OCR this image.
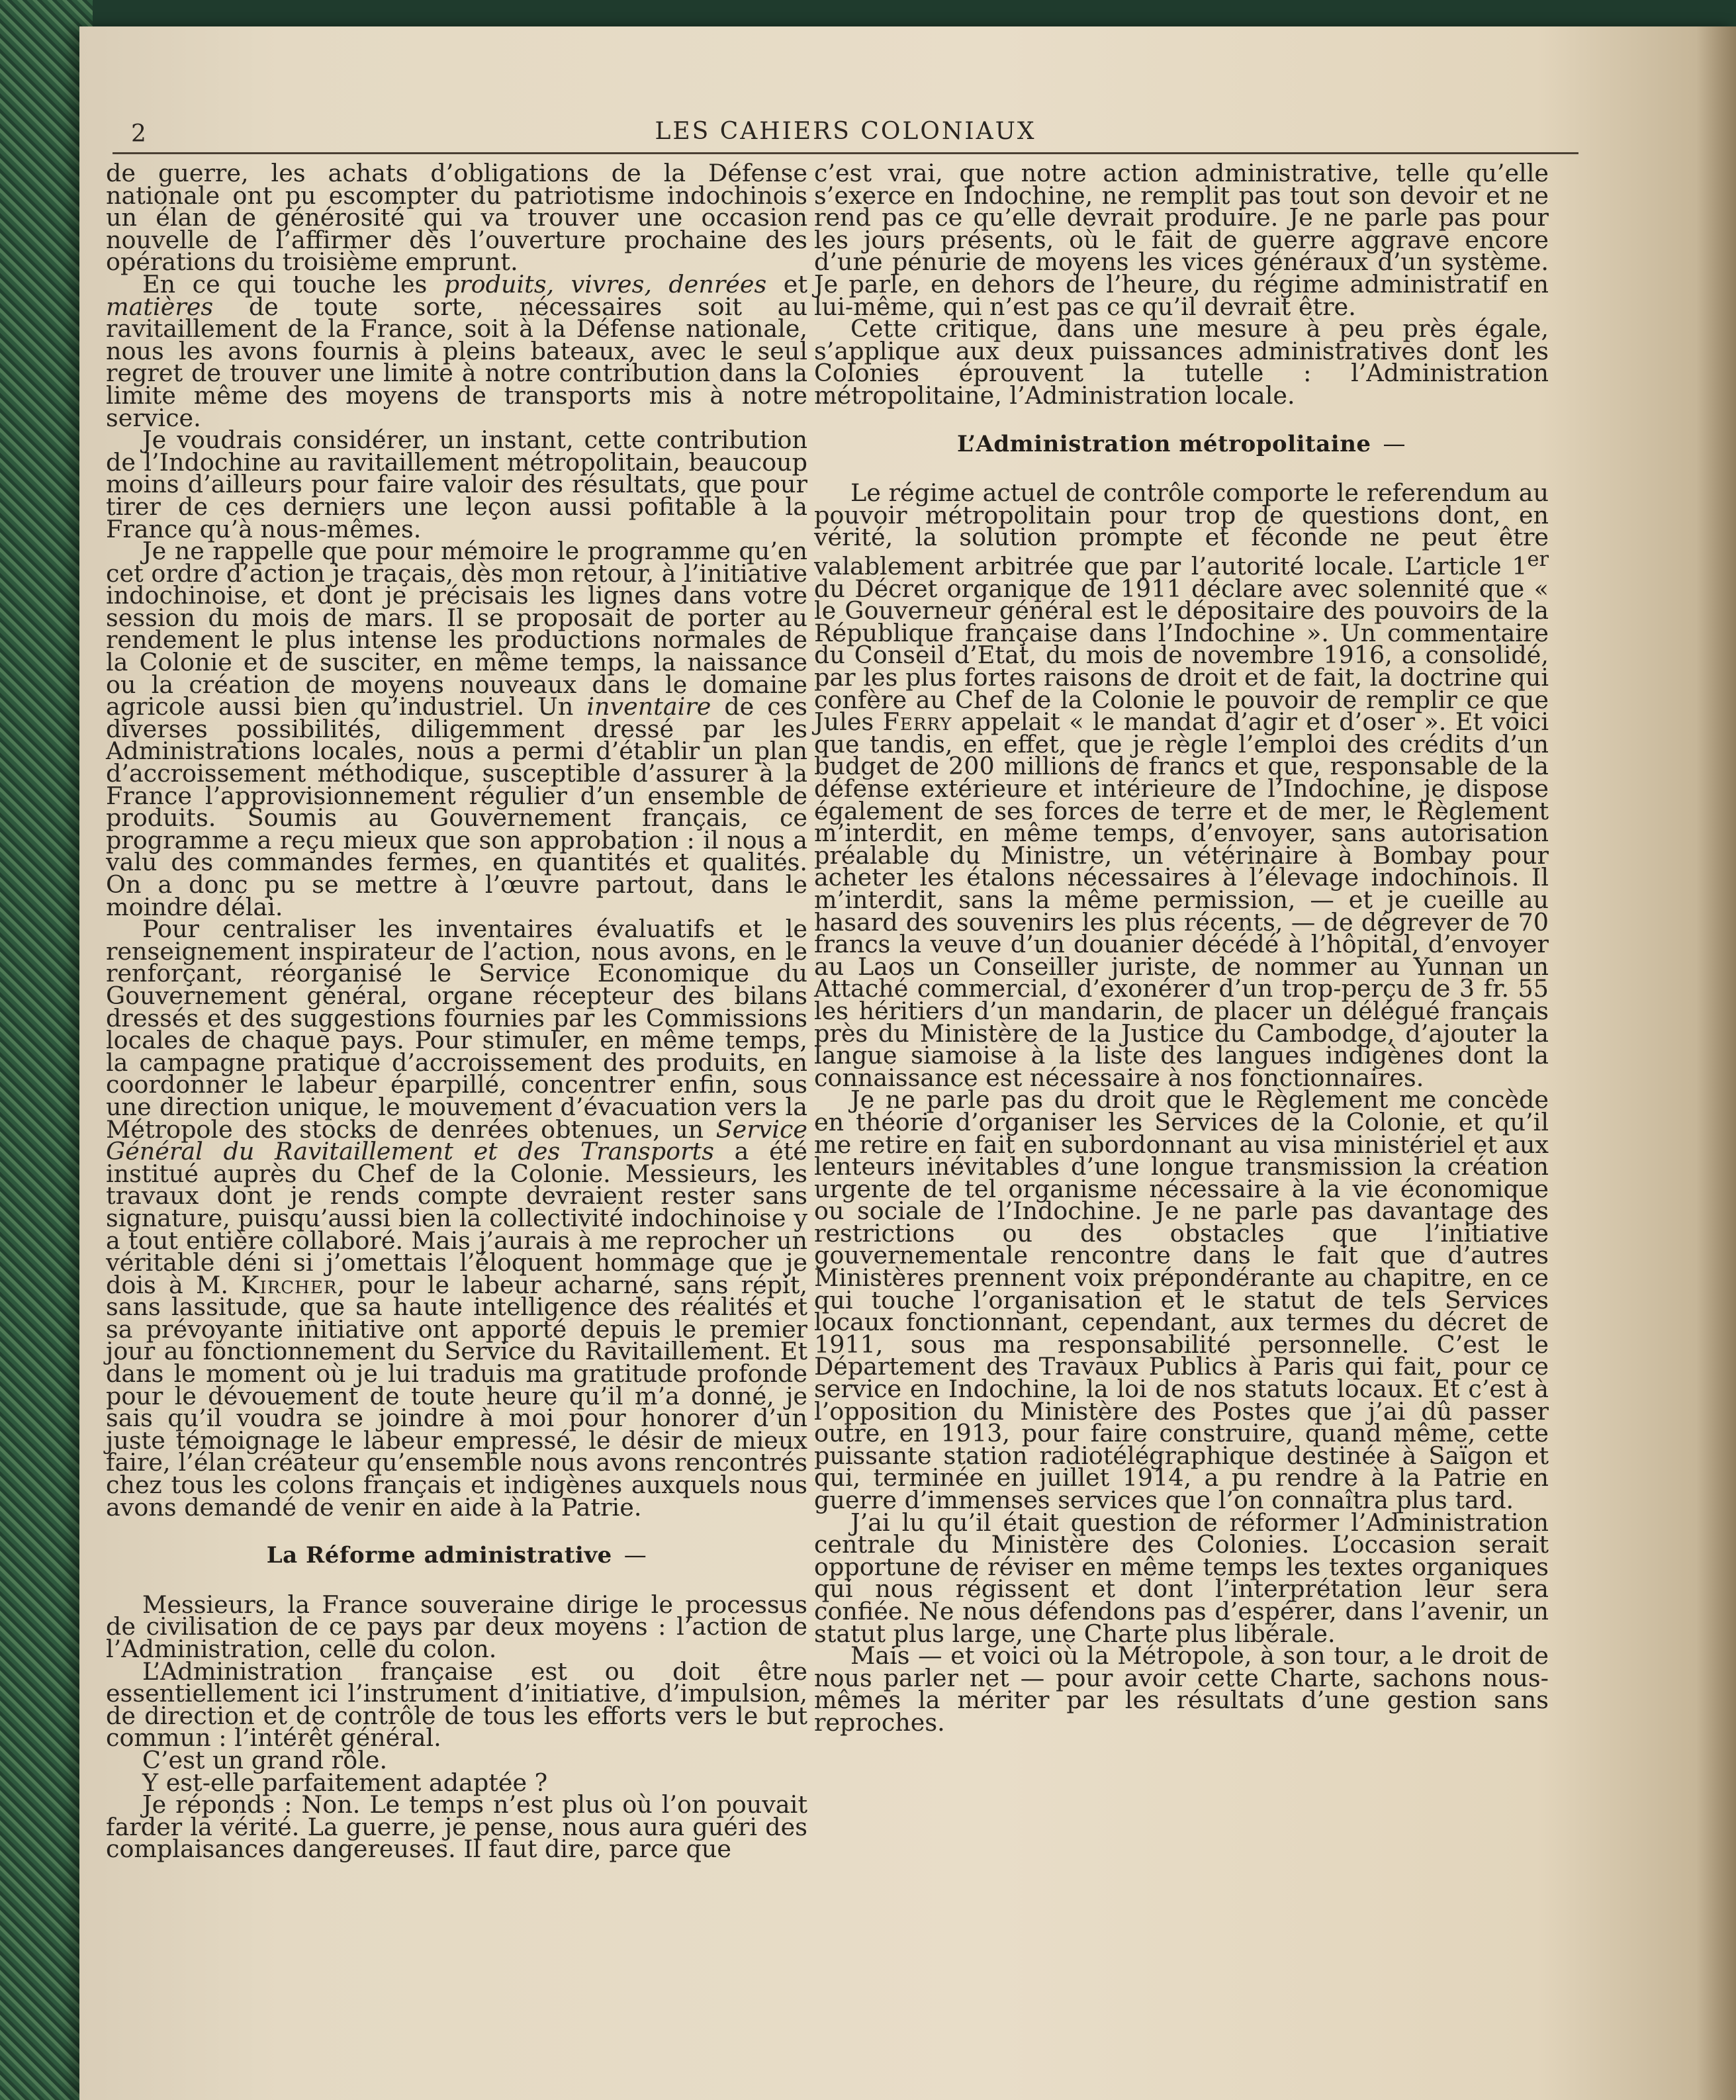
2	LES CAHIERS COLONIAUX

de guerre, les achats d’obligations de la Défense nationale ont pu escompter du patriotisme indochinois un élan de générosité qui va trouver une occasion nouvelle de l’affirmer dès l’ouverture prochaine des opérations du troisième emprunt.

En ce qui touche les produits, vivres, denrées et matières de toute sorte, nécessaires soit au ravitaillement de la France, soit à la Défense nationale, nous les avons fournis à pleins bateaux, avec le seul regret de trouver une limite à notre contribution dans la limite même des moyens de transports mis à notre service.

Je voudrais considérer, un instant, cette contribution de l’Indochine au ravitaillement métropolitain, beaucoup moins d’ailleurs pour faire valoir des résultats, que pour tirer de ces derniers une leçon aussi pofitable à la France qu’à nous-mêmes.

Je ne rappelle que pour mémoire le programme qu’en cet ordre d’action je traçais, dès mon retour, à l’initiative indochinoise, et dont je précisais les lignes dans votre session du mois de mars. Il se proposait de porter au rendement le plus intense les productions normales de la Colonie et de susciter, en même temps, la naissance ou la création de moyens nouveaux dans le domaine agricole aussi bien qu’industriel. Un inventaire de ces diverses possibilités, diligemment dressé par les Administrations locales, nous a permi d’établir un plan d’accroissement méthodique, susceptible d’assurer à la France l’approvisionnement régulier d’un ensemble de produits. Soumis au Gouvernement français, ce programme a reçu mieux que son approbation : il nous a valu des commandes fermes, en quantités et qualités. On a donc pu se mettre à l’œuvre partout, dans le moindre délai.

Pour centraliser les inventaires évaluatifs et le renseignement inspirateur de l’action, nous avons, en le renforçant, réorganisé le Service Economique du Gouvernement général, organe récepteur des bilans dressés et des suggestions fournies par les Commissions locales de chaque pays. Pour stimuler, en même temps, la campagne pratique d’accroissement des produits, en coordonner le labeur éparpillé, concentrer enfin, sous une direction unique, le mouvement d’évacuation vers la Métropole des stocks de denrées obtenues, un Service Général du Ravitaillement et des Transports a été institué auprès du Chef de la Colonie. Messieurs, les travaux dont je rends compte devraient rester sans signature, puisqu’aussi bien la collectivité indochinoise y a tout entière collaboré. Mais j’aurais à me reprocher un véritable déni si j’omettais l’éloquent hommage que je dois à M. Kircher, pour le labeur acharné, sans répit, sans lassitude, que sa haute intelligence des réalités et sa prévoyante initiative ont apporté depuis le premier jour au fonctionnement du Service du Ravitaillement. Et dans le moment où je lui traduis ma gratitude profonde pour le dévouement de toute heure qu’il m’a donné, je sais qu’il voudra se joindre à moi pour honorer d’un juste témoignage le labeur empressé, le désir de mieux faire, l’élan créateur qu’ensemble nous avons rencontrés chez tous les colons français et indigènes auxquels nous avons demandé de venir en aide à la Patrie.

La Réforme administrative —

Messieurs, la France souveraine dirige le processus de civilisation de ce pays par deux moyens : l’action de l’Administration, celle du colon.

L’Administration française est ou doit être essentiellement ici l’instrument d’initiative, d’impulsion, de direction et de contrôle de tous les efforts vers le but commun : l’intérêt général.

C’est un grand rôle.

Y est-elle parfaitement adaptée ?

Je réponds : Non. Le temps n’est plus où l’on pouvait farder la vérité. La guerre, je pense, nous aura guéri des complaisances dangereuses. Il faut dire, parce que

c’est vrai, que notre action administrative, telle qu’elle s’exerce en Indochine, ne remplit pas tout son devoir et ne rend pas ce qu’elle devrait produire. Je ne parle pas pour les jours présents, où le fait de guerre aggrave encore d’une pénurie de moyens les vices généraux d’un système. Je parle, en dehors de l’heure, du régime administratif en lui-même, qui n’est pas ce qu’il devrait être.

Cette critique, dans une mesure à peu près égale, s’applique aux deux puissances administratives dont les Colonies éprouvent la tutelle : l’Administration métropolitaine, l’Administration locale.

L’Administration métropolitaine —

Le régime actuel de contrôle comporte le referendum au pouvoir métropolitain pour trop de questions dont, en vérité, la solution prompte et féconde ne peut être valablement arbitrée que par l’autorité locale. L’article 1er du Décret organique de 1911 déclare avec solennité que « le Gouverneur général est le dépositaire des pouvoirs de la République française dans l’Indochine ». Un commentaire du Conseil d’Etat, du mois de novembre 1916, a consolidé, par les plus fortes raisons de droit et de fait, la doctrine qui confère au Chef de la Colonie le pouvoir de remplir ce que Jules Ferry appelait « le mandat d’agir et d’oser ». Et voici que tandis, en effet, que je règle l’emploi des crédits d’un budget de 200 millions de francs et que, responsable de la défense extérieure et intérieure de l’Indochine, je dispose également de ses forces de terre et de mer, le Règlement m’interdit, en même temps, d’envoyer, sans autorisation préalable du Ministre, un vétérinaire à Bombay pour acheter les étalons nécessaires à l’élevage indochinois. Il m’interdit, sans la même permission, — et je cueille au hasard des souvenirs les plus récents, — de dégrever de 70 francs la veuve d’un douanier décédé à l’hôpital, d’envoyer au Laos un Conseiller juriste, de nommer au Yunnan un Attaché commercial, d’exonérer d’un trop-perçu de 3 fr. 55 les héritiers d’un mandarin, de placer un délégué français près du Ministère de la Justice du Cambodge, d’ajouter la langue siamoise à la liste des langues indigènes dont la connaissance est nécessaire à nos fonctionnaires.

Je ne parle pas du droit que le Règlement me concède en théorie d’organiser les Services de la Colonie, et qu’il me retire en fait en subordonnant au visa ministériel et aux lenteurs inévitables d’une longue transmission la création urgente de tel organisme nécessaire à la vie économique ou sociale de l’Indochine. Je ne parle pas davantage des restrictions ou des obstacles que l’initiative gouvernementale rencontre dans le fait que d’autres Ministères prennent voix prépondérante au chapitre, en ce qui touche l’organisation et le statut de tels Services locaux fonctionnant, cependant, aux termes du décret de 1911, sous ma responsabilité personnelle. C’est le Département des Travaux Publics à Paris qui fait, pour ce service en Indochine, la loi de nos statuts locaux. Et c’est à l’opposition du Ministère des Postes que j’ai dû passer outre, en 1913, pour faire construire, quand même, cette puissante station radiotélégraphique destinée à Saïgon et qui, terminée en juillet 1914, a pu rendre à la Patrie en guerre d’immenses services que l’on connaîtra plus tard.

J’ai lu qu’il était question de réformer l’Administration centrale du Ministère des Colonies. L’occasion serait opportune de réviser en même temps les textes organiques qui nous régissent et dont l’interprétation leur sera confiée. Ne nous défendons pas d’espérer, dans l’avenir, un statut plus large, une Charte plus libérale.

Mais — et voici où la Métropole, à son tour, a le droit de nous parler net — pour avoir cette Charte, sachons nous-mêmes la mériter par les résultats d’une gestion sans reproches.
